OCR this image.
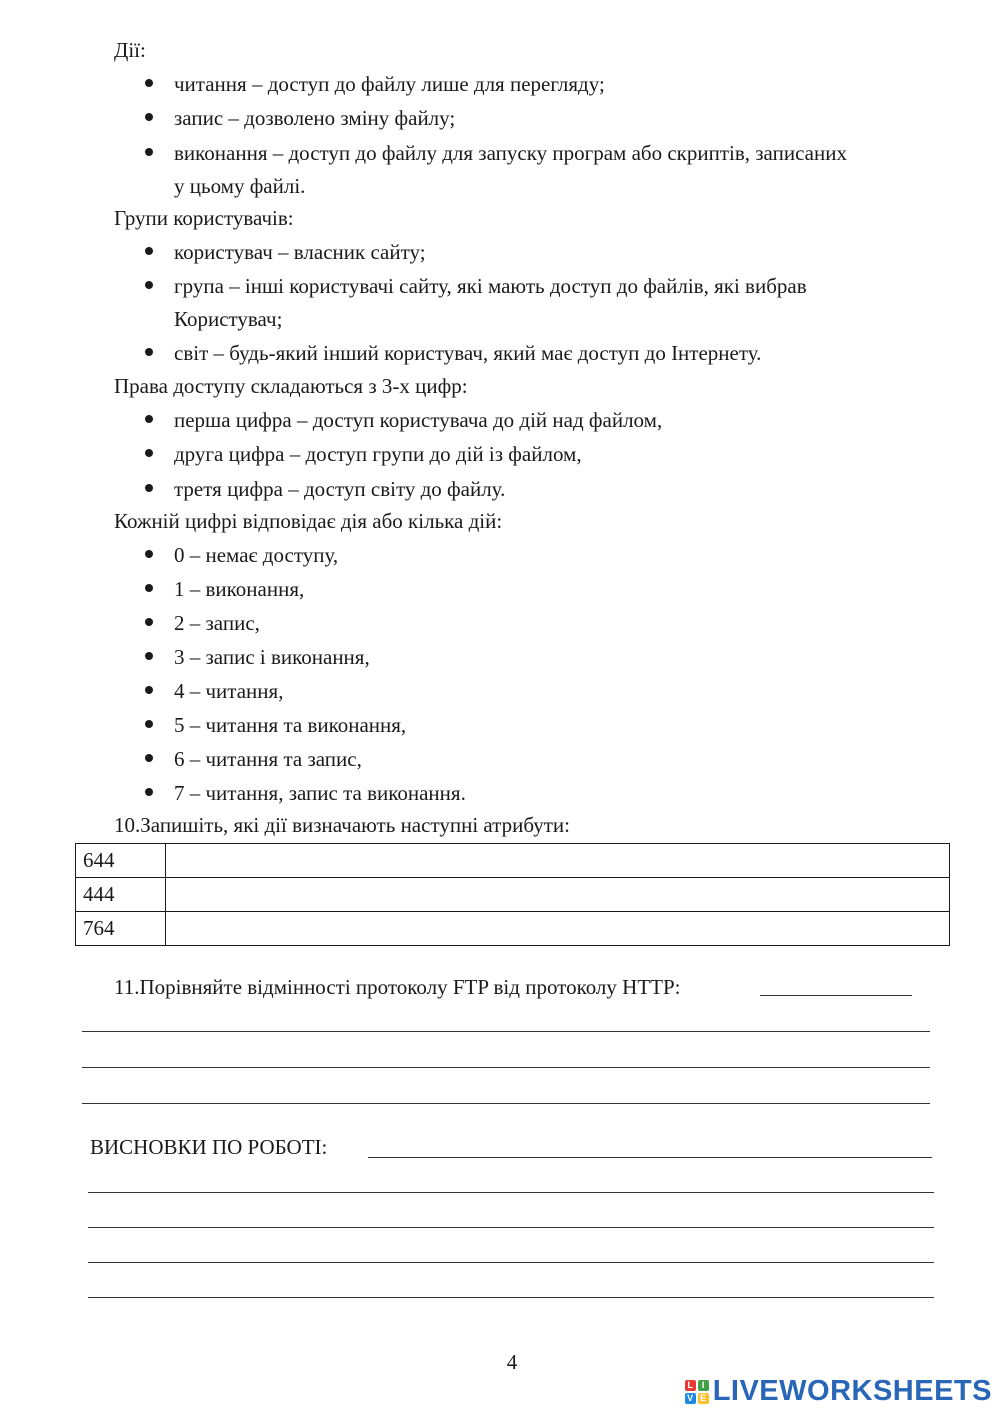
Дії:
читання – доступ до файлу лише для перегляду;
запис – дозволено зміну файлу;
виконання – доступ до файлу для запуску програм або скриптів, записаних
у цьому файлі.
Групи користувачів:
користувач – власник сайту;
група – інші користувачі сайту, які мають доступ до файлів, які вибрав
Користувач;
світ – будь-який інший користувач, який має доступ до Інтернету.
Права доступу складаються з 3-х цифр:
перша цифра – доступ користувача до дій над файлом,
друга цифра – доступ групи до дій із файлом,
третя цифра – доступ світу до файлу.
Кожній цифрі відповідає дія або кілька дій:
0 – немає доступу,
1 – виконання,
2 – запис,
3 – запис і виконання,
4 – читання,
5 – читання та виконання,
6 – читання та запис,
7 – читання, запис та виконання.
10.Запишіть, які дії визначають наступні атрибути:
644	
444	
764	
11.Порівняйте відмінності протоколу FTP від протоколу HTTP:
ВИСНОВКИ ПО РОБОТІ:
4
L I
V E LIVEWORKSHEETS
